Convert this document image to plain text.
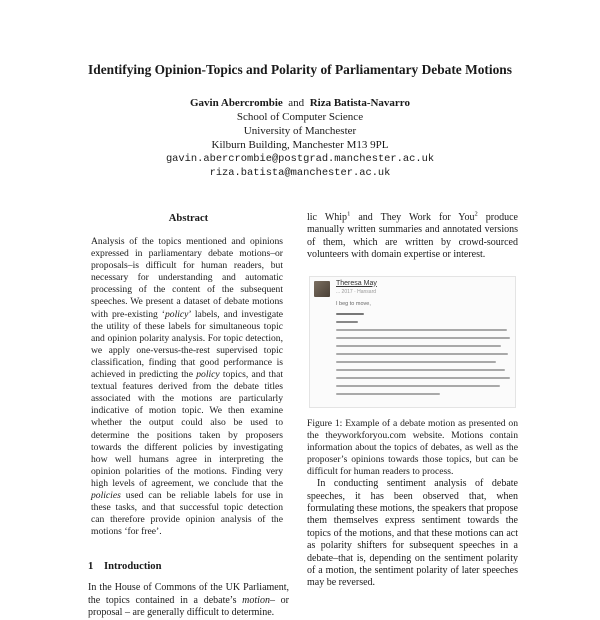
Identifying Opinion-Topics and Polarity of Parliamentary Debate Motions
Gavin Abercrombie and Riza Batista-Navarro
School of Computer Science
University of Manchester
Kilburn Building, Manchester M13 9PL
gavin.abercrombie@postgrad.manchester.ac.uk
riza.batista@manchester.ac.uk
Abstract

Analysis of the topics mentioned and opinions expressed in parliamentary debate motions–or proposals–is difficult for human readers, but necessary for understanding and automatic processing of the content of the subsequent speeches. We present a dataset of debate motions with pre-existing ‘policy’ labels, and investigate the utility of these labels for simultaneous topic and opinion polarity analysis. For topic detection, we apply one-versus-the-rest supervised topic classification, finding that good performance is achieved in predicting the policy topics, and that textual features derived from the debate titles associated with the motions are particularly indicative of motion topic. We then examine whether the output could also be used to determine the positions taken by proposers towards the different policies by investigating how well humans agree in interpreting the opinion polarities of the motions. Finding very high levels of agreement, we conclude that the policies used can be reliable labels for use in these tasks, and that successful topic detection can therefore provide opinion analysis of the motions ‘for free’.

1 Introduction

In the House of Commons of the UK Parliament, the topics contained in a debate’s motion– or proposal – are generally difficult to determine.

lic Whip$^1$ and They Work for You$^2$ produce manually written summaries and annotated versions of them, which are written by crowd-sourced volunteers with domain expertise or interest.

Theresa May
... 2017 · Hansard
I beg to move,

Figure 1: Example of a debate motion as presented on the theyworkforyou.com website. Motions contain information about the topics of debates, as well as the proposer’s opinions towards those topics, but can be difficult for human readers to process.

In conducting sentiment analysis of debate speeches, it has been observed that, when formulating these motions, the speakers that propose them themselves express sentiment towards the topics of the motions, and that these motions can act as polarity shifters for subsequent speeches in a debate–that is, depending on the sentiment polarity of a motion, the sentiment polarity of later speeches may be reversed.
